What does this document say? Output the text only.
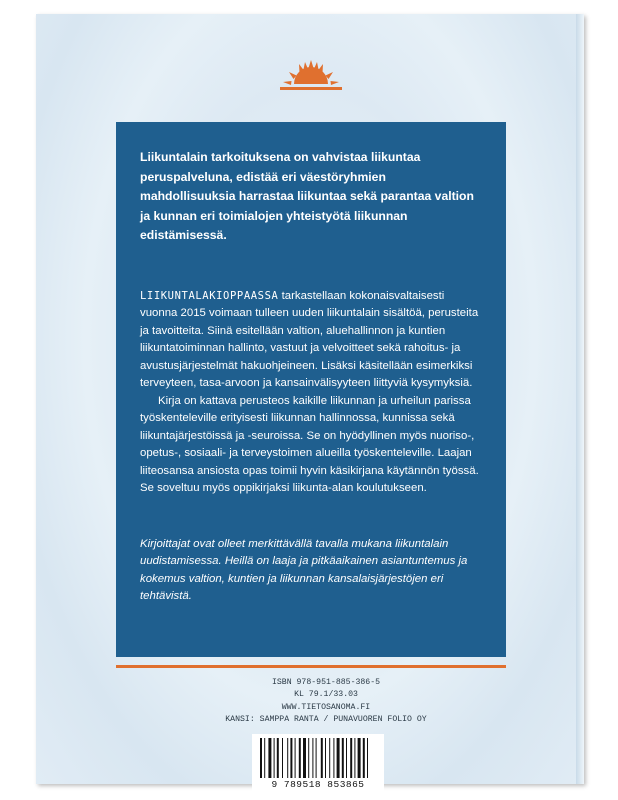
Liikuntalain tarkoituksena on vahvistaa liikuntaa peruspalveluna, edistää eri väestöryhmien mahdollisuuksia harrastaa liikuntaa sekä parantaa valtion ja kunnan eri toimialojen yhteistyötä liikunnan edistämisessä.

LIIKUNTALAKIOPPAASSA tarkastellaan kokonaisvaltaisesti vuonna 2015 voimaan tulleen uuden liikuntalain sisältöä, perusteita ja tavoitteita. Siinä esitellään valtion, aluehallinnon ja kuntien liikuntatoiminnan hallinto, vastuut ja velvoitteet sekä rahoitus- ja avustusjärjestelmät hakuohjeineen. Lisäksi käsitellään esimerkiksi terveyteen, tasa-arvoon ja kansainvälisyyteen liittyviä kysymyksiä.

Kirja on kattava perusteos kaikille liikunnan ja urheilun parissa työskenteleville erityisesti liikunnan hallinnossa, kunnissa sekä liikuntajärjestöissä ja -seuroissa. Se on hyödyllinen myös nuoriso-, opetus-, sosiaali- ja terveystoimen alueilla työskenteleville. Laajan liiteosansa ansiosta opas toimii hyvin käsikirjana käytännön työssä. Se soveltuu myös oppikirjaksi liikunta-alan koulutukseen.

Kirjoittajat ovat olleet merkittävällä tavalla mukana liikuntalain uudistamisessa. Heillä on laaja ja pitkäaikainen asiantuntemus ja kokemus valtion, kuntien ja liikunnan kansalaisjärjestöjen eri tehtävistä.

ISBN 978-951-885-386-5
KL 79.1/33.03
WWW.TIETOSANOMA.FI
KANSI: SAMPPA RANTA / PUNAVUOREN FOLIO OY
9 789518 853865
